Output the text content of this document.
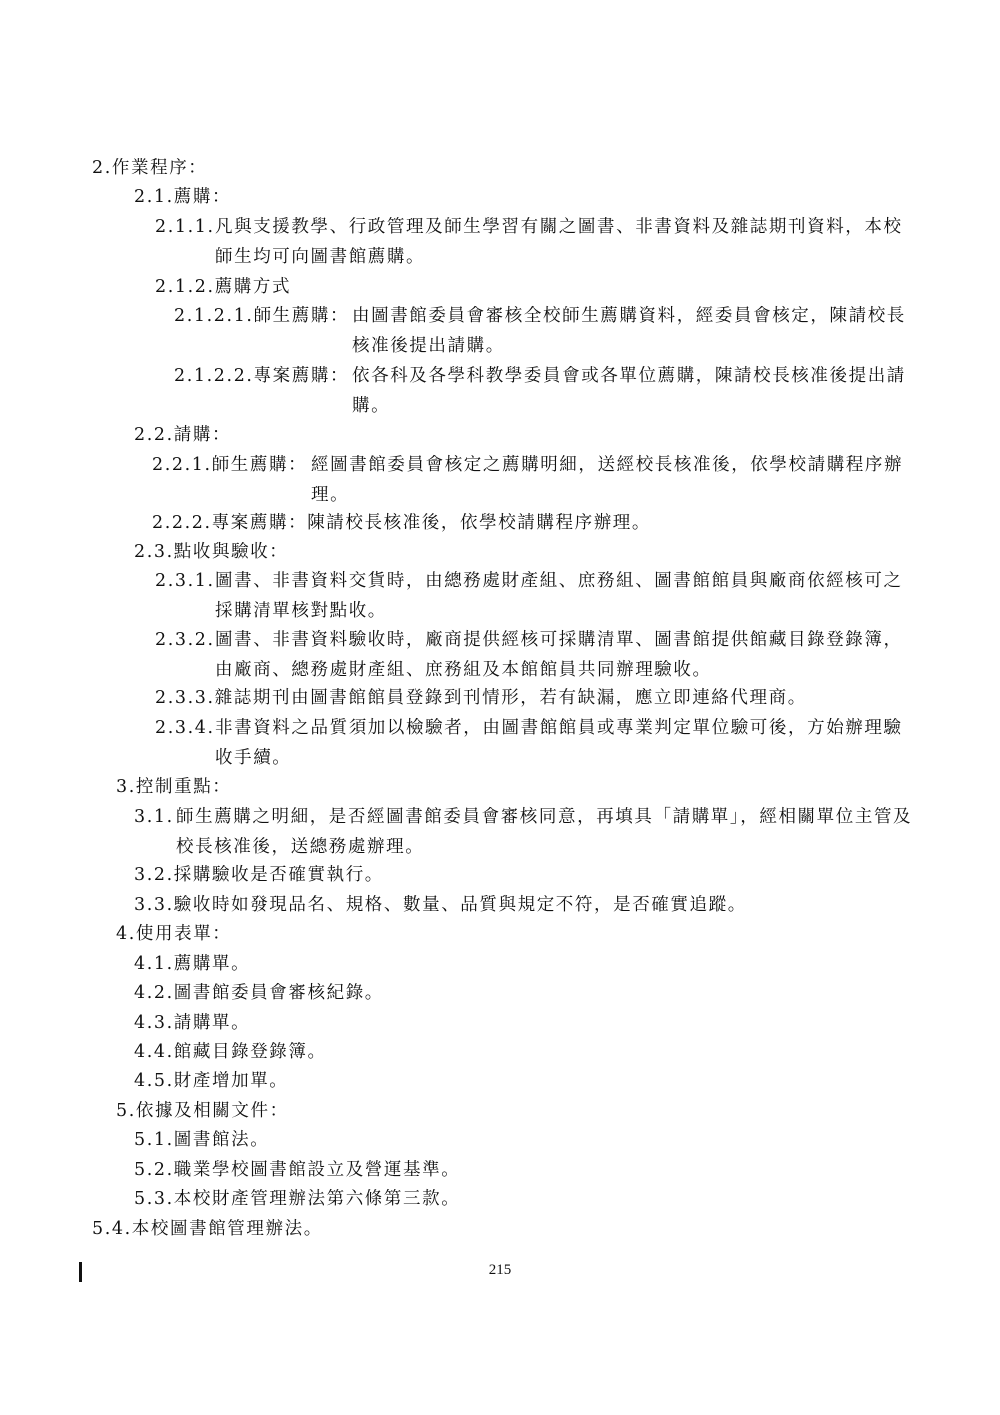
2.作業程序：
2.1.薦購：
2.1.1. 凡與支援教學、行政管理及師生學習有關之圖書、非書資料及雜誌期刊資料，本校師生均可向圖書館薦購。
2.1.2.薦購方式
2.1.2.1.師生薦購： 由圖書館委員會審核全校師生薦購資料，經委員會核定，陳請校長核准後提出請購。
2.1.2.2.專案薦購： 依各科及各學科教學委員會或各單位薦購，陳請校長核准後提出請購。
2.2.請購：
2.2.1.師生薦購： 經圖書館委員會核定之薦購明細，送經校長核准後，依學校請購程序辦理。
2.2.2.專案薦購：陳請校長核准後，依學校請購程序辦理。
2.3.點收與驗收：
2.3.1. 圖書、非書資料交貨時，由總務處財產組、庶務組、圖書館館員與廠商依經核可之採購清單核對點收。
2.3.2. 圖書、非書資料驗收時，廠商提供經核可採購清單、圖書館提供館藏目錄登錄簿，由廠商、總務處財產組、庶務組及本館館員共同辦理驗收。
2.3.3.雜誌期刊由圖書館館員登錄到刊情形，若有缺漏，應立即連絡代理商。
2.3.4. 非書資料之品質須加以檢驗者，由圖書館館員或專業判定單位驗可後，方始辦理驗收手續。
3.控制重點：
3.1. 師生薦購之明細，是否經圖書館委員會審核同意，再填具「請購單」，經相關單位主管及校長核准後，送總務處辦理。
3.2.採購驗收是否確實執行。
3.3.驗收時如發現品名、規格、數量、品質與規定不符，是否確實追蹤。
4.使用表單：
4.1.薦購單。
4.2.圖書館委員會審核紀錄。
4.3.請購單。
4.4.館藏目錄登錄簿。
4.5.財產增加單。
5.依據及相關文件：
5.1.圖書館法。
5.2.職業學校圖書館設立及營運基準。
5.3.本校財產管理辦法第六條第三款。
5.4.本校圖書館管理辦法。
215
